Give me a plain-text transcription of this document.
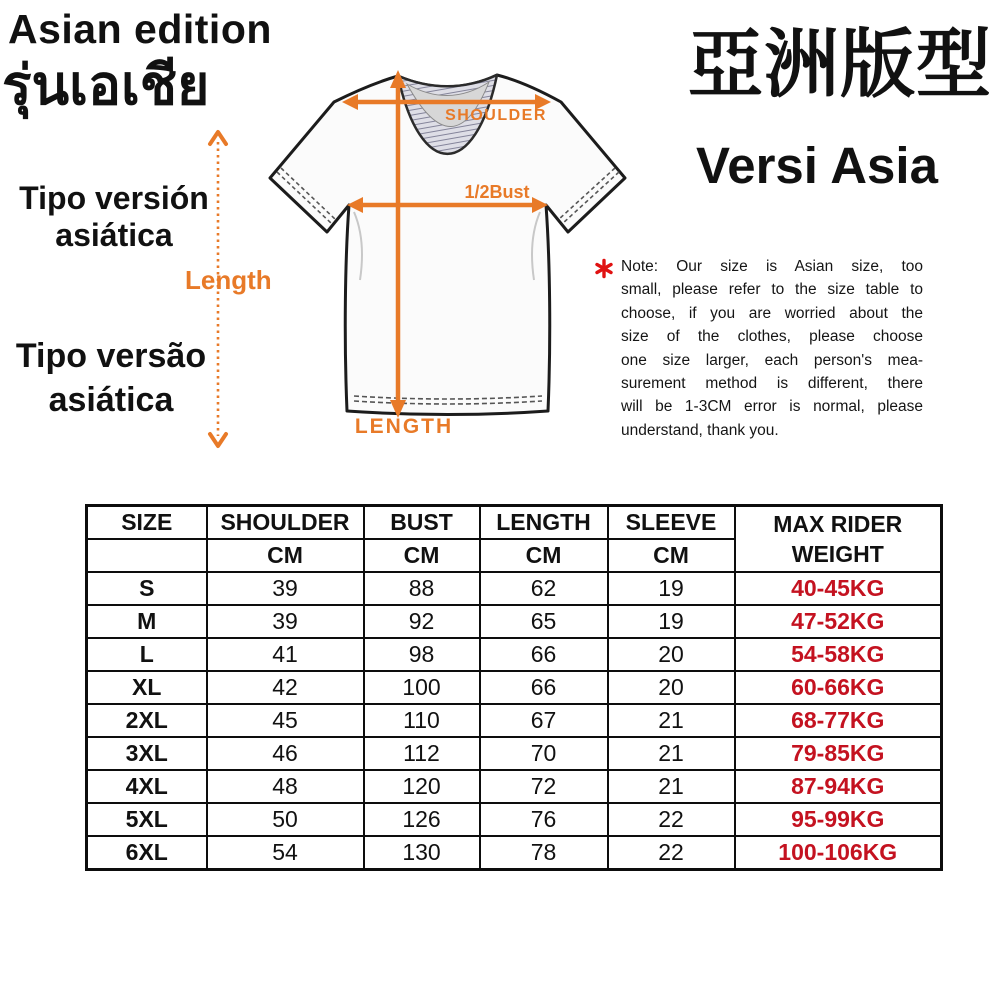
Asian edition
รุ่นเอเชีย
Tipo versión
asiática
Length
Tipo versão
asiática
SHOULDER
1/2Bust
LENGTH
亞洲版型
Versi Asia
Note: Our size is Asian size, too
small, please refer to the size table to
choose, if you are worried about the
size of the clothes, please choose
one size larger, each person's mea-
surement method is different, there
will be 1-3CM error is normal, please
understand, thank you.
SIZE	SHOULDER	BUST	LENGTH	SLEEVE	MAX RIDER
WEIGHT

	CM	CM	CM	CM	
S	39	88	62	19	40-45KG
M	39	92	65	19	47-52KG
L	41	98	66	20	54-58KG
XL	42	100	66	20	60-66KG
2XL	45	110	67	21	68-77KG
3XL	46	112	70	21	79-85KG
4XL	48	120	72	21	87-94KG
5XL	50	126	76	22	95-99KG
6XL	54	130	78	22	100-106KG
